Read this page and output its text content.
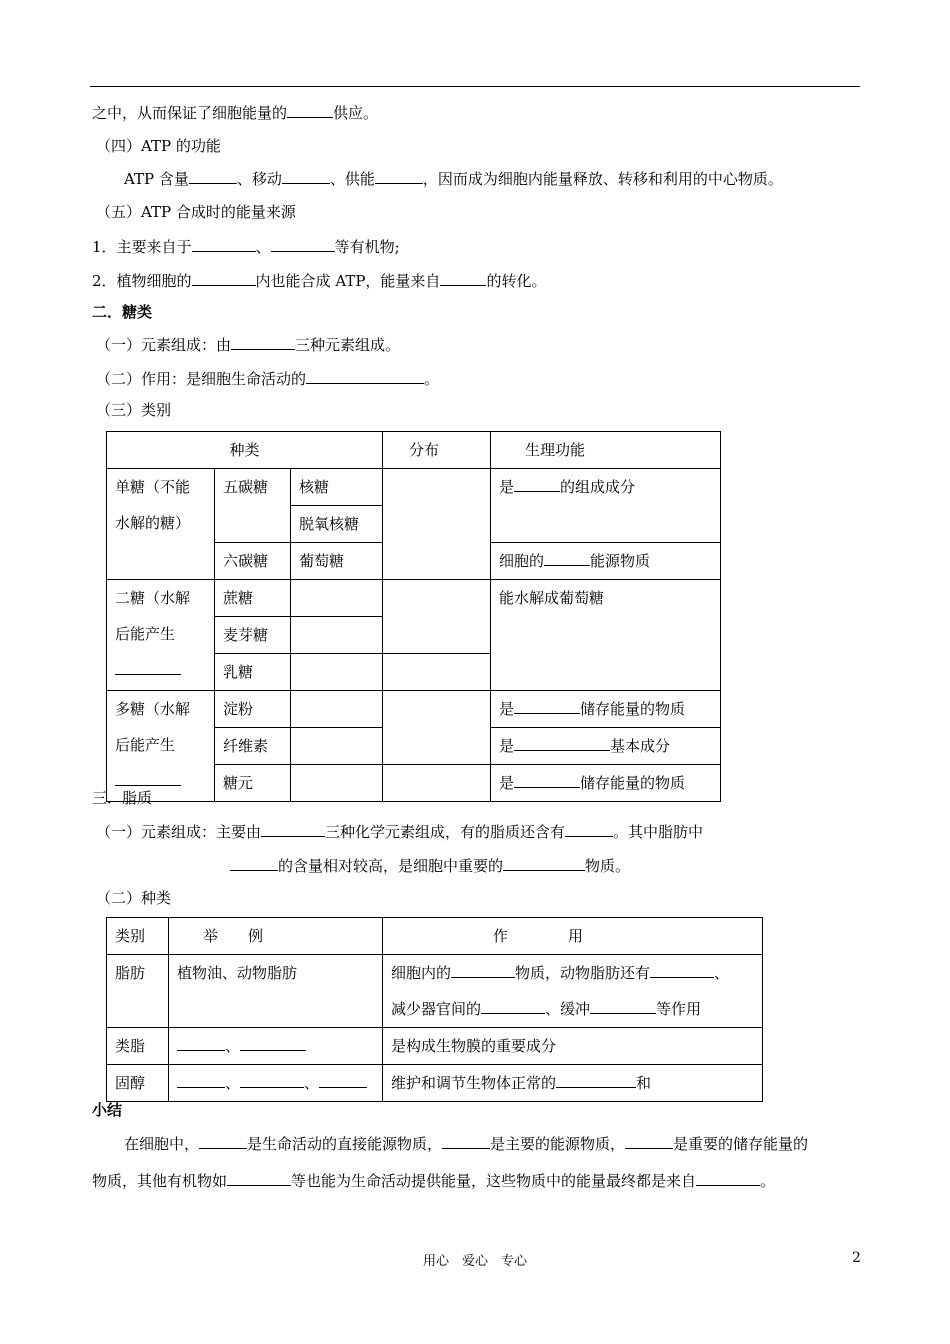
之中，从而保证了细胞能量的	供应。
（四）ATP 的功能
ATP 含量	、移动	、供能	，因而成为细胞内能量释放、转移和利用的中心物质。
（五）ATP 合成时的能量来源
1．主要来自于	、	等有机物;
2．植物细胞的	内也能合成 ATP，能量来自	的转化。
二．糖类
（一）元素组成：由	三种元素组成。
（二）作用：是细胞生命活动的	。
（三）类别
种类			分布	生理功能

单糖（不能
水解的糖）	五碳糖	核糖		是 的组成成分
		脱氧核糖		
	六碳糖	葡萄糖		细胞的 能源物质

二糖（水解
后能产生	蔗糖			能水解成葡萄糖
	麦芽糖			
	乳糖			

多糖（水解
后能产生	淀粉			是 储存能量的物质
	纤维素			是 基本成分
	糖元			是 储存能量的物质
三．脂质
（一）元素组成：主要由	三种化学元素组成，有的脂质还含有	。其中脂肪中
的含量相对较高，是细胞中重要的	物质。
（二）种类
类别	举　　例	作　　　　用
脂肪	植物油、动物脂肪	细胞内的 物质，动物脂肪还有 、
减少器官间的 、缓冲 等作用

类脂	、	是构成生物膜的重要成分
固醇	、 、	维护和调节生物体正常的 和
小结
在细胞中，	是生命活动的直接能源物质，	是主要的能源物质，	是重要的储存能量的
物质，其他有机物如	等也能为生命活动提供能量，这些物质中的能量最终都是来自	。
用心　爱心　专心	2
